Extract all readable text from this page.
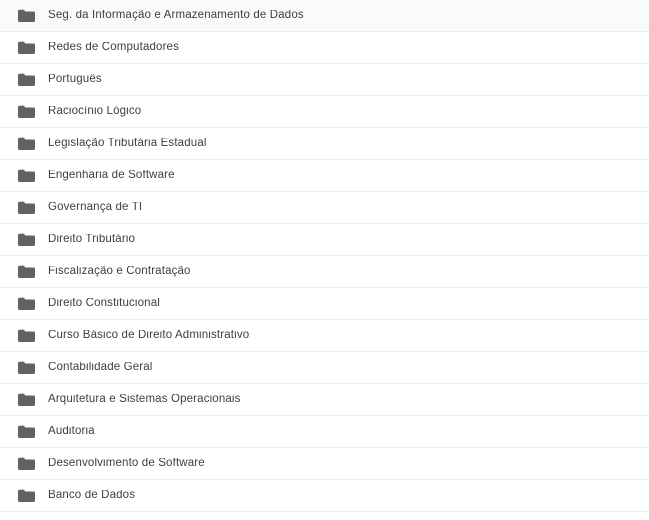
Seg. da Informação e Armazenamento de Dados
Redes de Computadores
Português
Raciocínio Lógico
Legislação Tributária Estadual
Engenharia de Software
Governança de TI
Direito Tributário
Fiscalização e Contratação
Direito Constitucional
Curso Básico de Direito Administrativo
Contabilidade Geral
Arquitetura e Sistemas Operacionais
Auditoria
Desenvolvimento de Software
Banco de Dados
